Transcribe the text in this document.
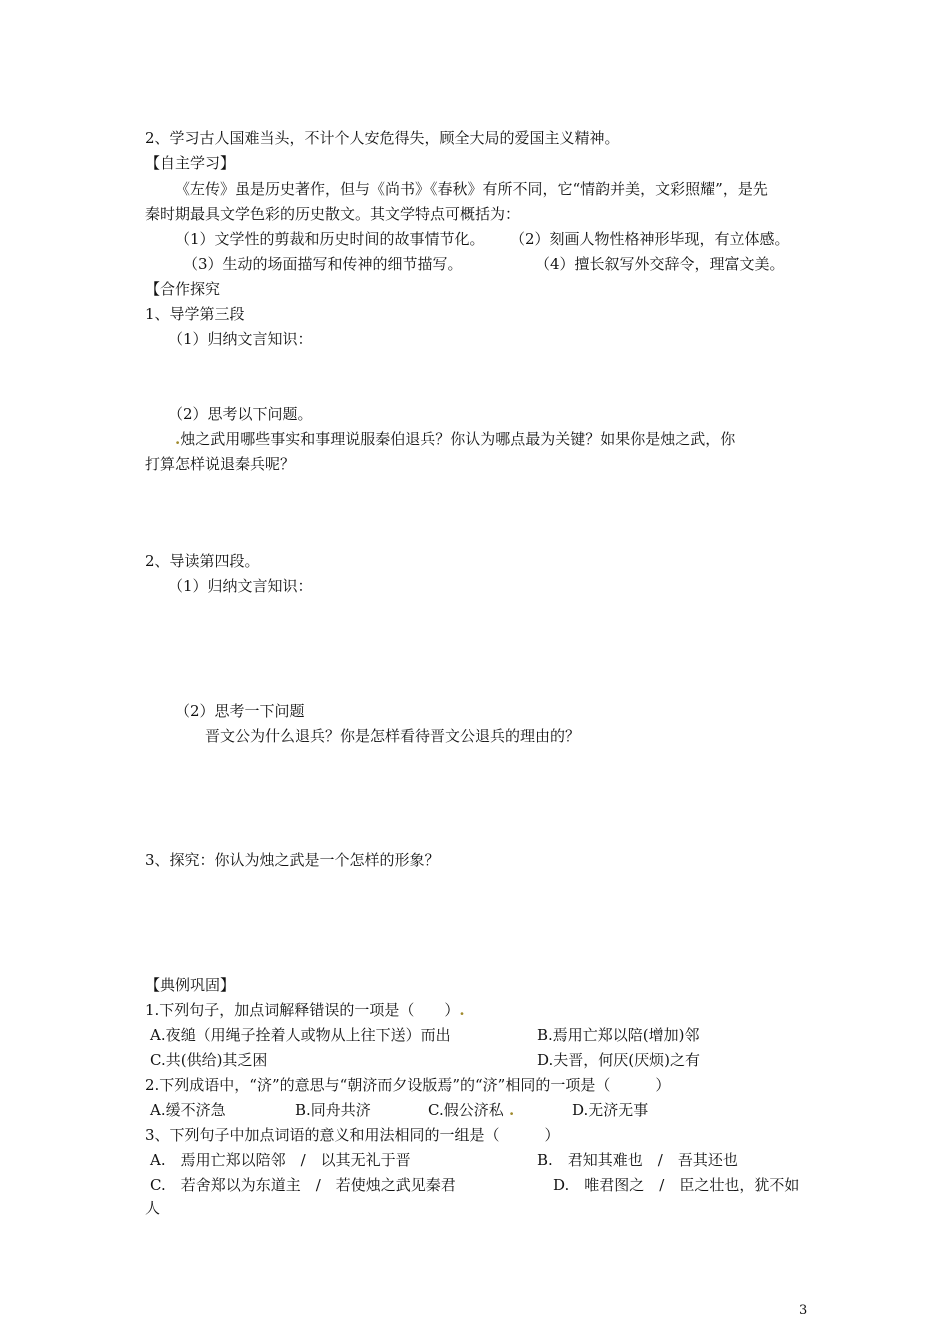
2、学习古人国难当头，不计个人安危得失，顾全大局的爱国主义精神。
【自主学习】
《左传》虽是历史著作，但与《尚书》《春秋》有所不同，它“情韵并美，文彩照耀”，是先
秦时期最具文学色彩的历史散文。其文学特点可概括为：
（1）文学性的剪裁和历史时间的故事情节化。 （2）刻画人物性格神形毕现，有立体感。
（3）生动的场面描写和传神的细节描写。	（4）擅长叙写外交辞令，理富文美。
【合作探究
1、导学第三段
（1）归纳文言知识：
（2）思考以下问题。
.烛之武用哪些事实和事理说服秦伯退兵？你认为哪点最为关键？如果你是烛之武，你
打算怎样说退秦兵呢？
2、导读第四段。
（1）归纳文言知识：
（2）思考一下问题
晋文公为什么退兵？你是怎样看待晋文公退兵的理由的？
3、探究：你认为烛之武是一个怎样的形象？
【典例巩固】
1.下列句子，加点词解释错误的一项是（　　）.
A.夜缒（用绳子拴着人或物从上往下送）而出	B.焉用亡郑以陪(增加)邻
C.共(供给)其乏困	D.夫晋，何厌(厌烦)之有
2.下列成语中，“济”的意思与“朝济而夕设版焉”的“济”相同的一项是（　　　）
A.缓不济急	B.同舟共济	C.假公济私 .	D.无济无事
3、下列句子中加点词语的意义和用法相同的一组是（　　　）
A.　焉用亡郑以陪邻　/　以其无礼于晋	B.　君知其难也　/　吾其还也
C.　若舍郑以为东道主　/　若使烛之武见秦君	D.　唯君图之　/　臣之壮也，犹不如
人
3
